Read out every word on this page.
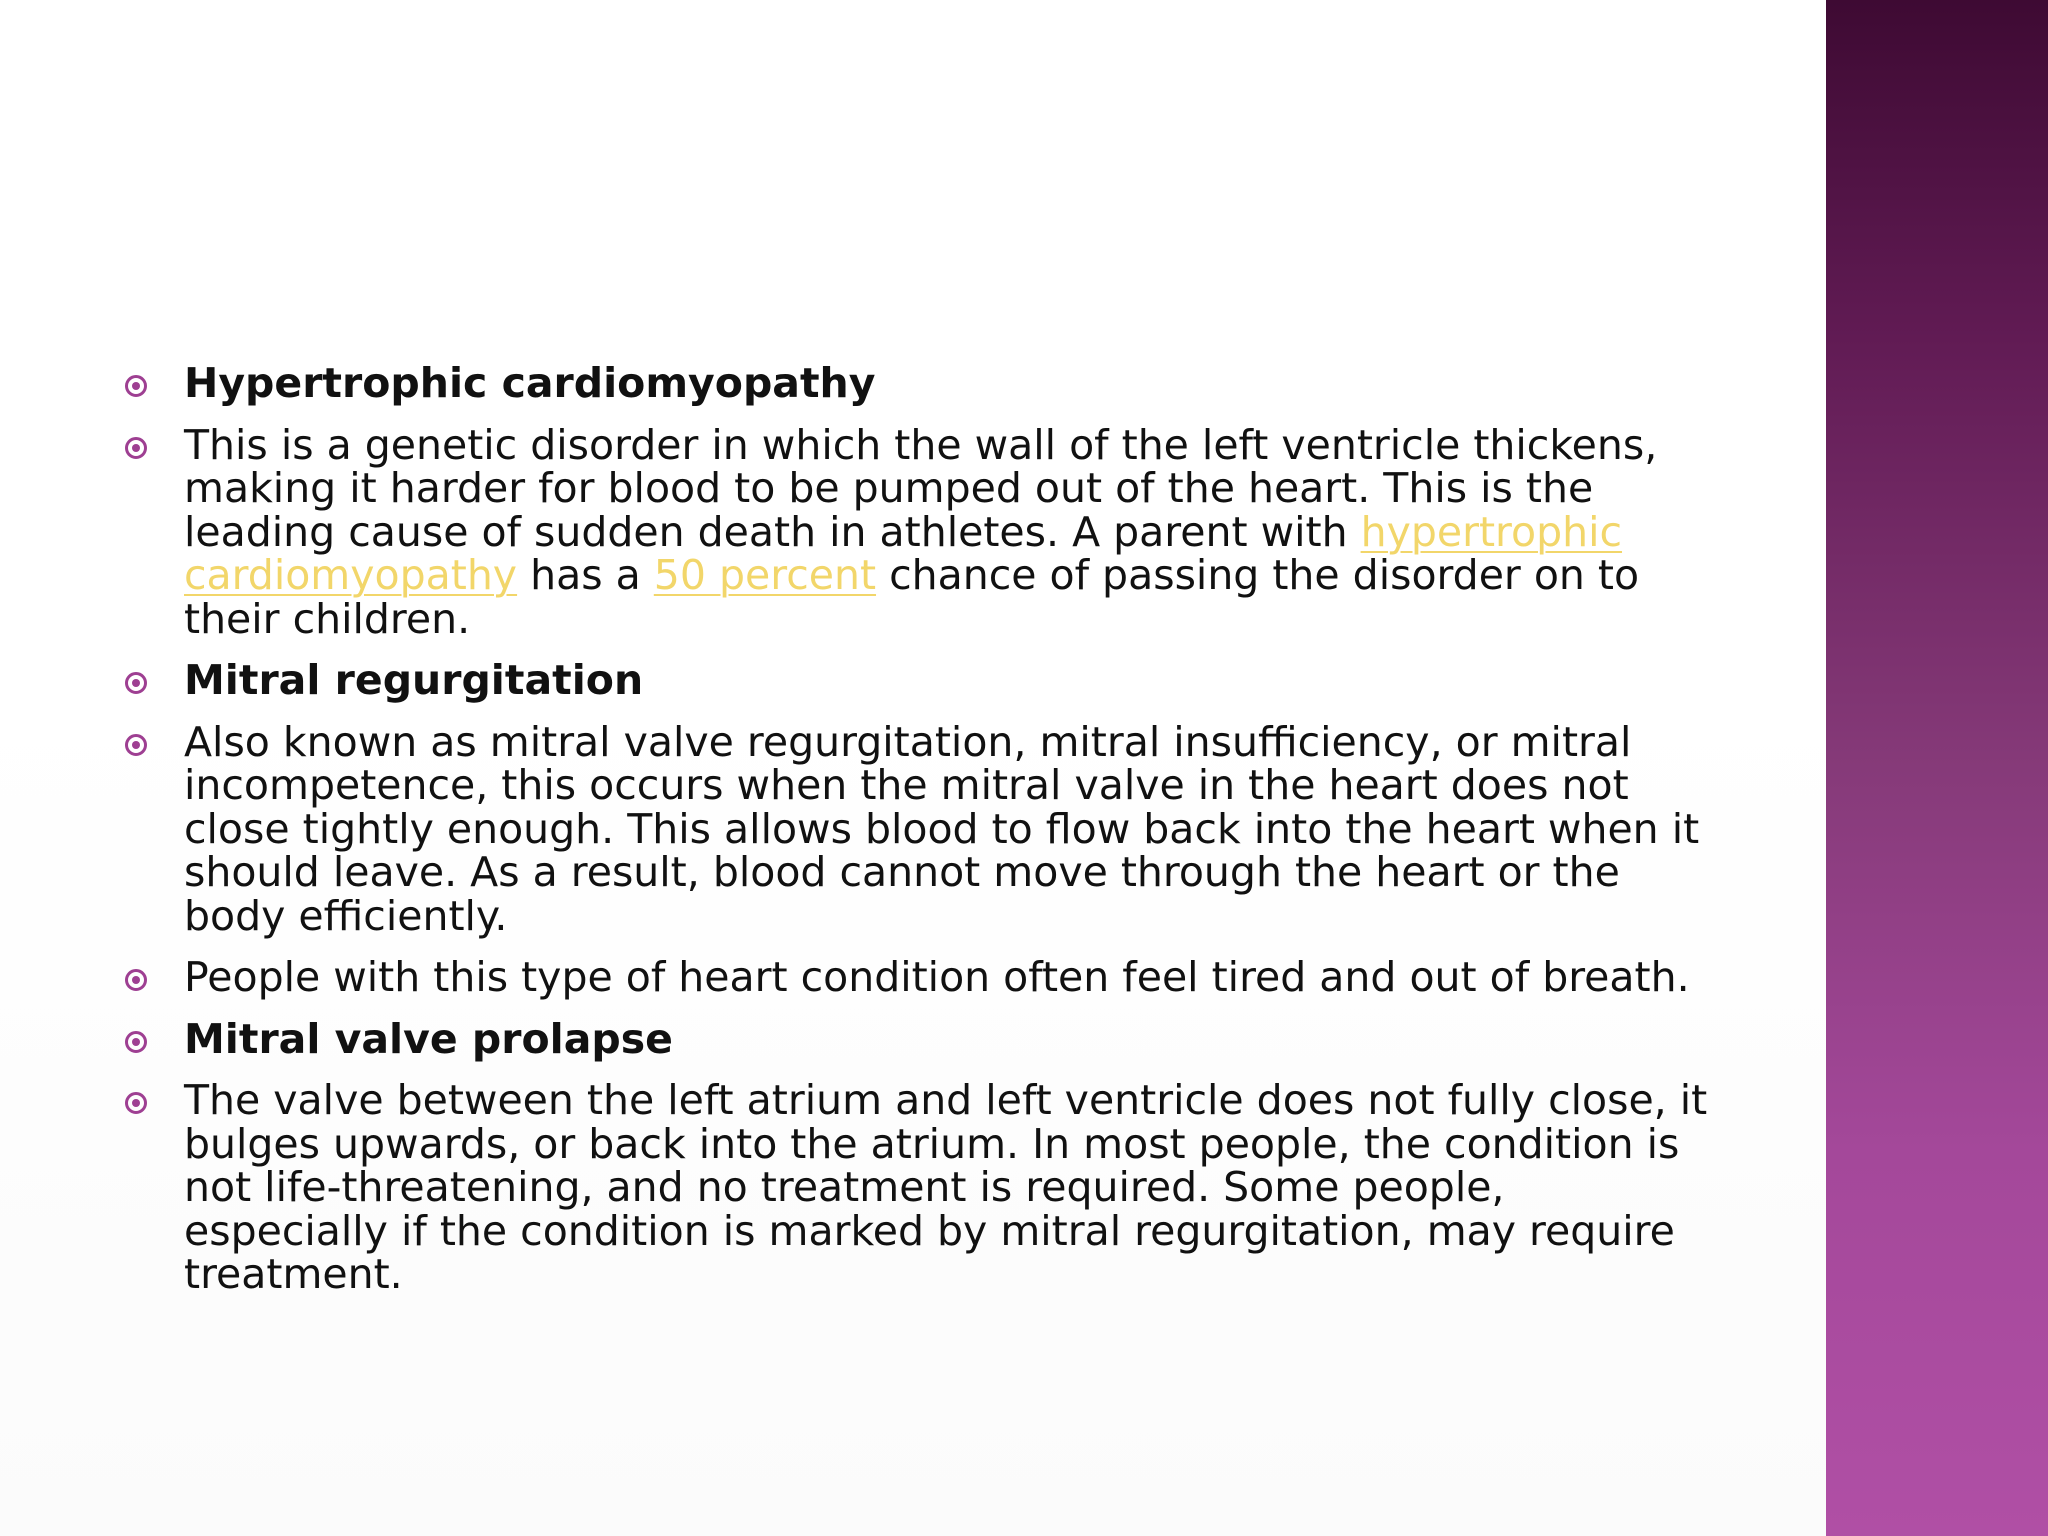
Hypertrophic cardiomyopathy
This is a genetic disorder in which the wall of the left ventricle thickens, making it harder for blood to be pumped out of the heart. This is the leading cause of sudden death in athletes. A parent with hypertrophic cardiomyopathy has a 50 percent chance of passing the disorder on to their children.
Mitral regurgitation
Also known as mitral valve regurgitation, mitral insufficiency, or mitral incompetence, this occurs when the mitral valve in the heart does not close tightly enough. This allows blood to flow back into the heart when it should leave. As a result, blood cannot move through the heart or the body efficiently.
People with this type of heart condition often feel tired and out of breath.
Mitral valve prolapse
The valve between the left atrium and left ventricle does not fully close, it bulges upwards, or back into the atrium. In most people, the condition is not life-threatening, and no treatment is required. Some people, especially if the condition is marked by mitral regurgitation, may require treatment.
